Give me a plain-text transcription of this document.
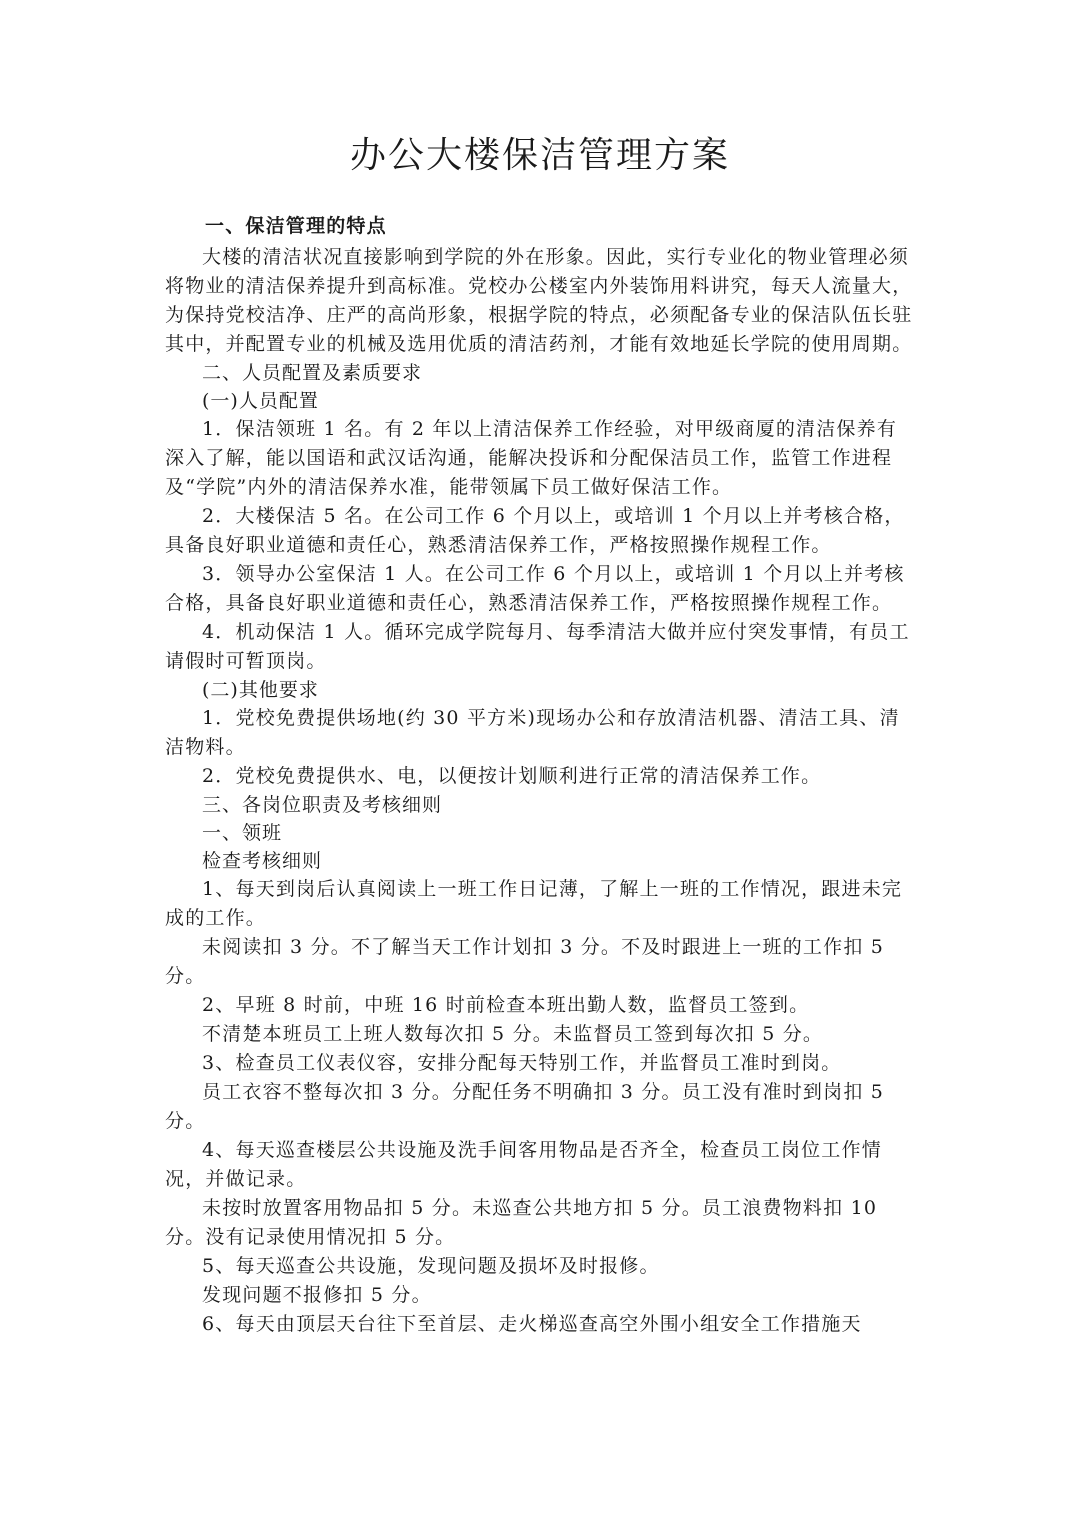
办公大楼保洁管理方案

一、保洁管理的特点

大楼的清洁状况直接影响到学院的外在形象。因此，实行专业化的物业管理必须将物业的清洁保养提升到高标准。党校办公楼室内外装饰用料讲究，每天人流量大，为保持党校洁净、庄严的高尚形象，根据学院的特点，必须配备专业的保洁队伍长驻其中，并配置专业的机械及选用优质的清洁药剂，才能有效地延长学院的使用周期。

二、人员配置及素质要求

(一)人员配置

1．保洁领班 1 名。有 2 年以上清洁保养工作经验，对甲级商厦的清洁保养有深入了解，能以国语和武汉话沟通，能解决投诉和分配保洁员工作，监管工作进程及“学院”内外的清洁保养水准，能带领属下员工做好保洁工作。

2．大楼保洁 5 名。在公司工作 6 个月以上，或培训 1 个月以上并考核合格，具备良好职业道德和责任心，熟悉清洁保养工作，严格按照操作规程工作。

3．领导办公室保洁 1 人。在公司工作 6 个月以上，或培训 1 个月以上并考核合格，具备良好职业道德和责任心，熟悉清洁保养工作，严格按照操作规程工作。

4．机动保洁 1 人。循环完成学院每月、每季清洁大做并应付突发事情，有员工请假时可暂顶岗。

(二)其他要求

1．党校免费提供场地(约 30 平方米)现场办公和存放清洁机器、清洁工具、清洁物料。

2．党校免费提供水、电，以便按计划顺利进行正常的清洁保养工作。

三、各岗位职责及考核细则

一、领班

检查考核细则

1、每天到岗后认真阅读上一班工作日记薄，了解上一班的工作情况，跟进未完成的工作。

未阅读扣 3 分。不了解当天工作计划扣 3 分。不及时跟进上一班的工作扣 5 分。

2、早班 8 时前，中班 16 时前检查本班出勤人数，监督员工签到。

不清楚本班员工上班人数每次扣 5 分。未监督员工签到每次扣 5 分。

3、检查员工仪表仪容，安排分配每天特别工作，并监督员工准时到岗。

员工衣容不整每次扣 3 分。分配任务不明确扣 3 分。员工没有准时到岗扣 5 分。

4、每天巡查楼层公共设施及洗手间客用物品是否齐全，检查员工岗位工作情况，并做记录。

未按时放置客用物品扣 5 分。未巡查公共地方扣 5 分。员工浪费物料扣 10 分。没有记录使用情况扣 5 分。

5、每天巡查公共设施，发现问题及损坏及时报修。

发现问题不报修扣 5 分。

6、每天由顶层天台往下至首层、走火梯巡查高空外围小组安全工作措施天
